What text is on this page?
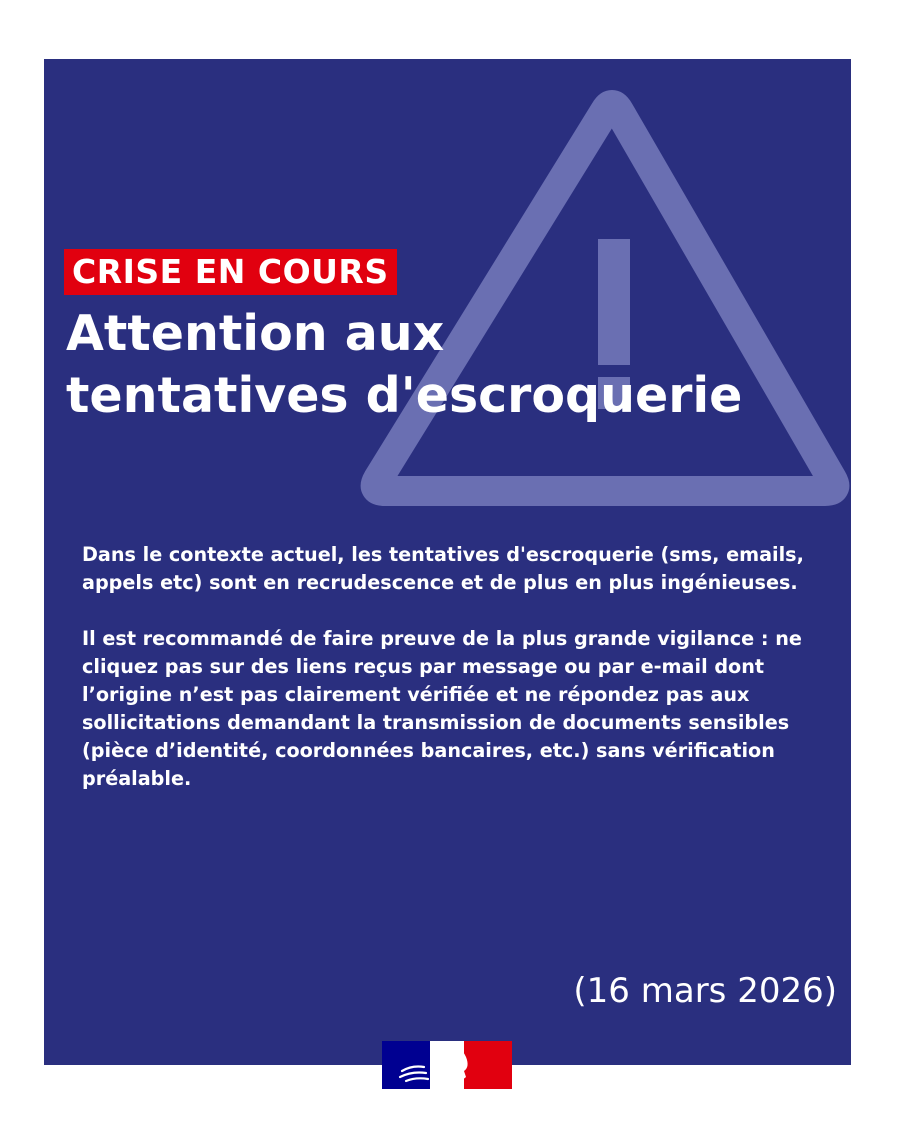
CRISE EN COURS
Attention aux
tentatives d'escroquerie

Dans le contexte actuel, les tentatives d'escroquerie (sms, emails, appels etc) sont en recrudescence et de plus en plus ingénieuses.

Il est recommandé de faire preuve de la plus grande vigilance : ne cliquez pas sur des liens reçus par message ou par e-mail dont l’origine n’est pas clairement vérifiée et ne répondez pas aux sollicitations demandant la transmission de documents sensibles (pièce d’identité, coordonnées bancaires, etc.) sans vérification préalable.

(16 mars 2026)
